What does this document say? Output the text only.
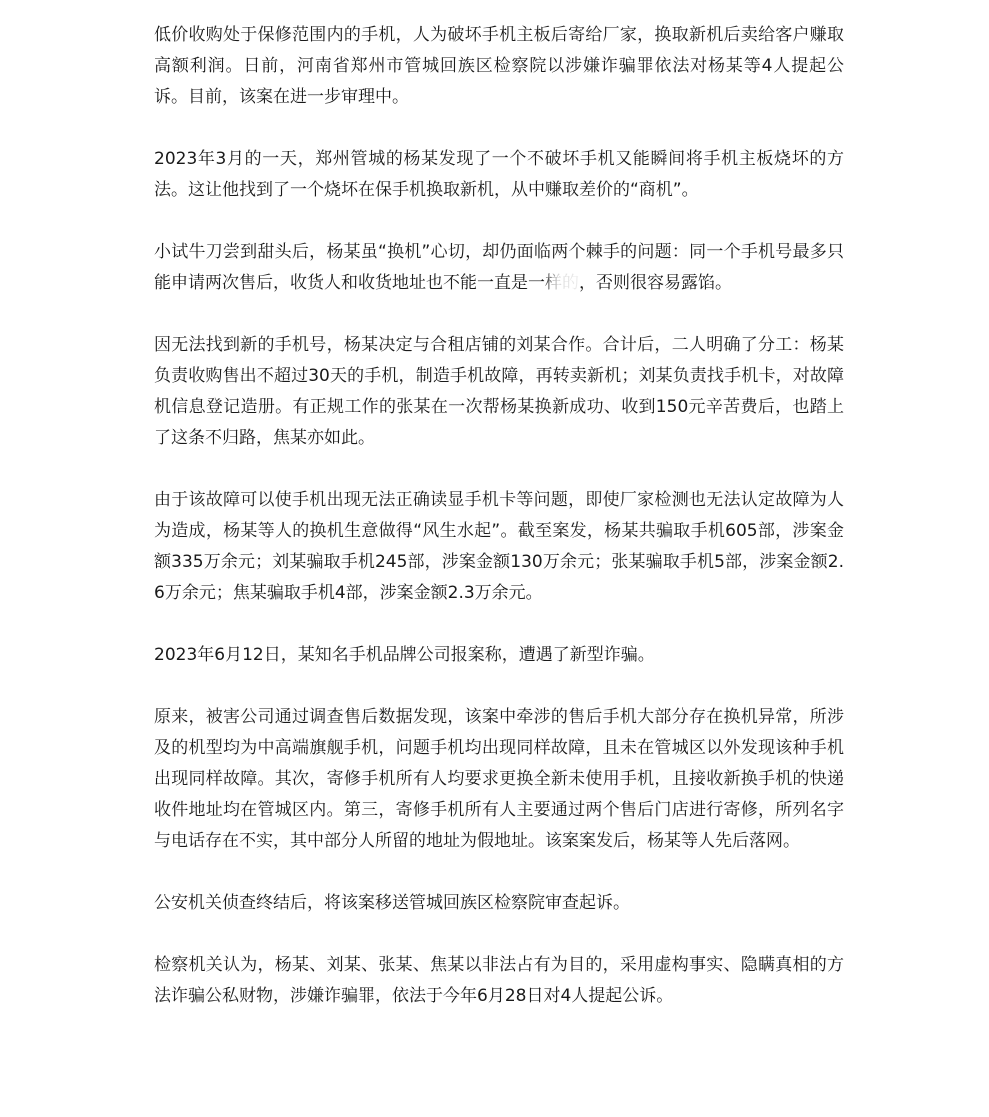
低价收购处于保修范围内的手机，人为破坏手机主板后寄给厂家，换取新机后卖给客户赚取高额利润。日前，河南省郑州市管城回族区检察院以涉嫌诈骗罪依法对杨某等4人提起公诉。目前，该案在进一步审理中。

2023年3月的一天，郑州管城的杨某发现了一个不破坏手机又能瞬间将手机主板烧坏的方法。这让他找到了一个烧坏在保手机换取新机，从中赚取差价的“商机”。

小试牛刀尝到甜头后，杨某虽“换机”心切，却仍面临两个棘手的问题：同一个手机号最多只能申请两次售后，收货人和收货地址也不能一直是一样的，否则很容易露馅。

因无法找到新的手机号，杨某决定与合租店铺的刘某合作。合计后，二人明确了分工：杨某负责收购售出不超过30天的手机，制造手机故障，再转卖新机；刘某负责找手机卡，对故障机信息登记造册。有正规工作的张某在一次帮杨某换新成功、收到150元辛苦费后，也踏上了这条不归路，焦某亦如此。

由于该故障可以使手机出现无法正确读显手机卡等问题，即使厂家检测也无法认定故障为人为造成，杨某等人的换机生意做得“风生水起”。截至案发，杨某共骗取手机605部，涉案金额335万余元；刘某骗取手机245部，涉案金额130万余元；张某骗取手机5部，涉案金额2.6万余元；焦某骗取手机4部，涉案金额2.3万余元。

2023年6月12日，某知名手机品牌公司报案称，遭遇了新型诈骗。

原来，被害公司通过调查售后数据发现，该案中牵涉的售后手机大部分存在换机异常，所涉及的机型均为中高端旗舰手机，问题手机均出现同样故障，且未在管城区以外发现该种手机出现同样故障。其次，寄修手机所有人均要求更换全新未使用手机，且接收新换手机的快递收件地址均在管城区内。第三，寄修手机所有人主要通过两个售后门店进行寄修，所列名字与电话存在不实，其中部分人所留的地址为假地址。该案案发后，杨某等人先后落网。

公安机关侦查终结后，将该案移送管城回族区检察院审查起诉。

检察机关认为，杨某、刘某、张某、焦某以非法占有为目的，采用虚构事实、隐瞒真相的方法诈骗公私财物，涉嫌诈骗罪，依法于今年6月28日对4人提起公诉。
